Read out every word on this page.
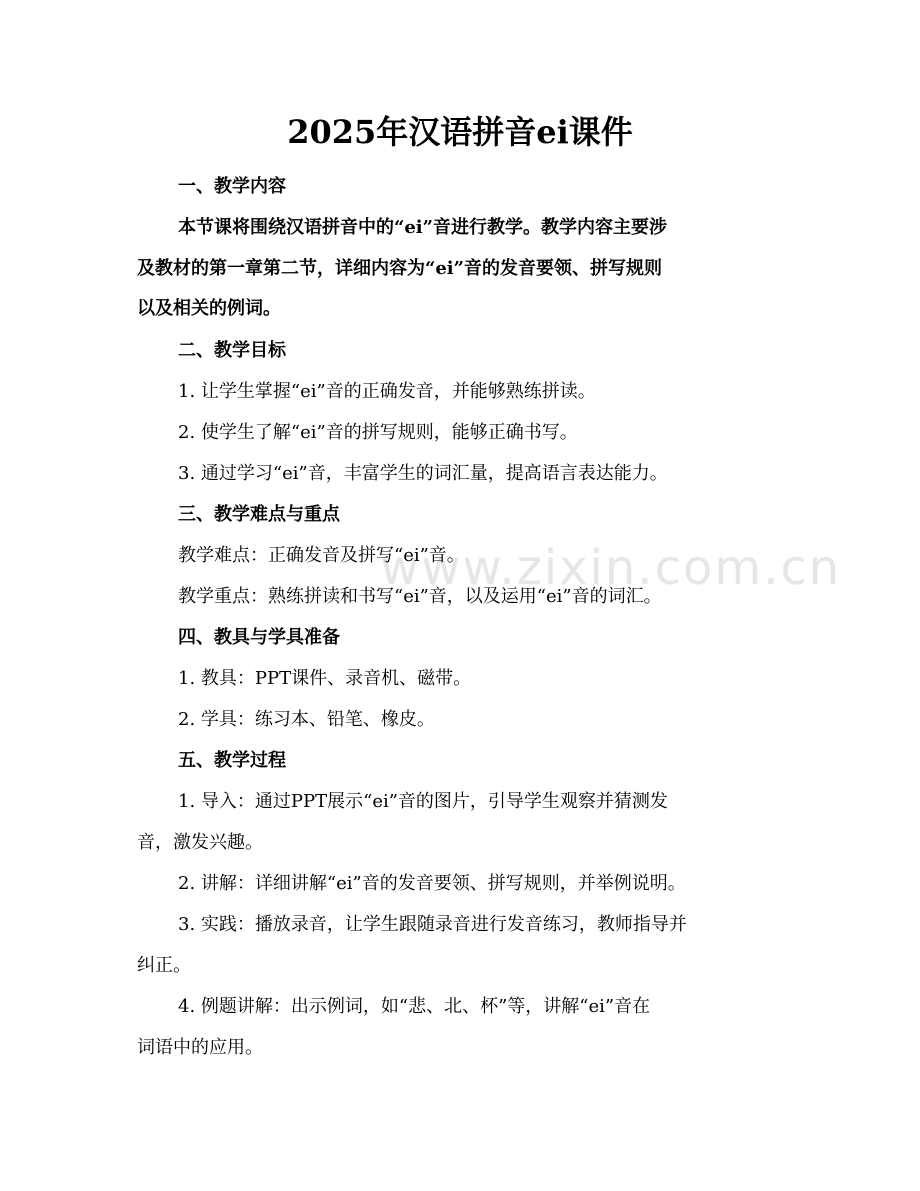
www.zixin.com.cn
2025年汉语拼音ei课件

一、教学内容

本节课将围绕汉语拼音中的“ei”音进行教学。教学内容主要涉

及教材的第一章第二节，详细内容为“ei”音的发音要领、拼写规则

以及相关的例词。

二、教学目标

1. 让学生掌握“ei”音的正确发音，并能够熟练拼读。

2. 使学生了解“ei”音的拼写规则，能够正确书写。

3. 通过学习“ei”音，丰富学生的词汇量，提高语言表达能力。

三、教学难点与重点

教学难点：正确发音及拼写“ei”音。

教学重点：熟练拼读和书写“ei”音，以及运用“ei”音的词汇。

四、教具与学具准备

1. 教具：PPT课件、录音机、磁带。

2. 学具：练习本、铅笔、橡皮。

五、教学过程

1. 导入：通过PPT展示“ei”音的图片，引导学生观察并猜测发

音，激发兴趣。

2. 讲解：详细讲解“ei”音的发音要领、拼写规则，并举例说明。

3. 实践：播放录音，让学生跟随录音进行发音练习，教师指导并

纠正。

4. 例题讲解：出示例词，如“悲、北、杯”等，讲解“ei”音在

词语中的应用。
